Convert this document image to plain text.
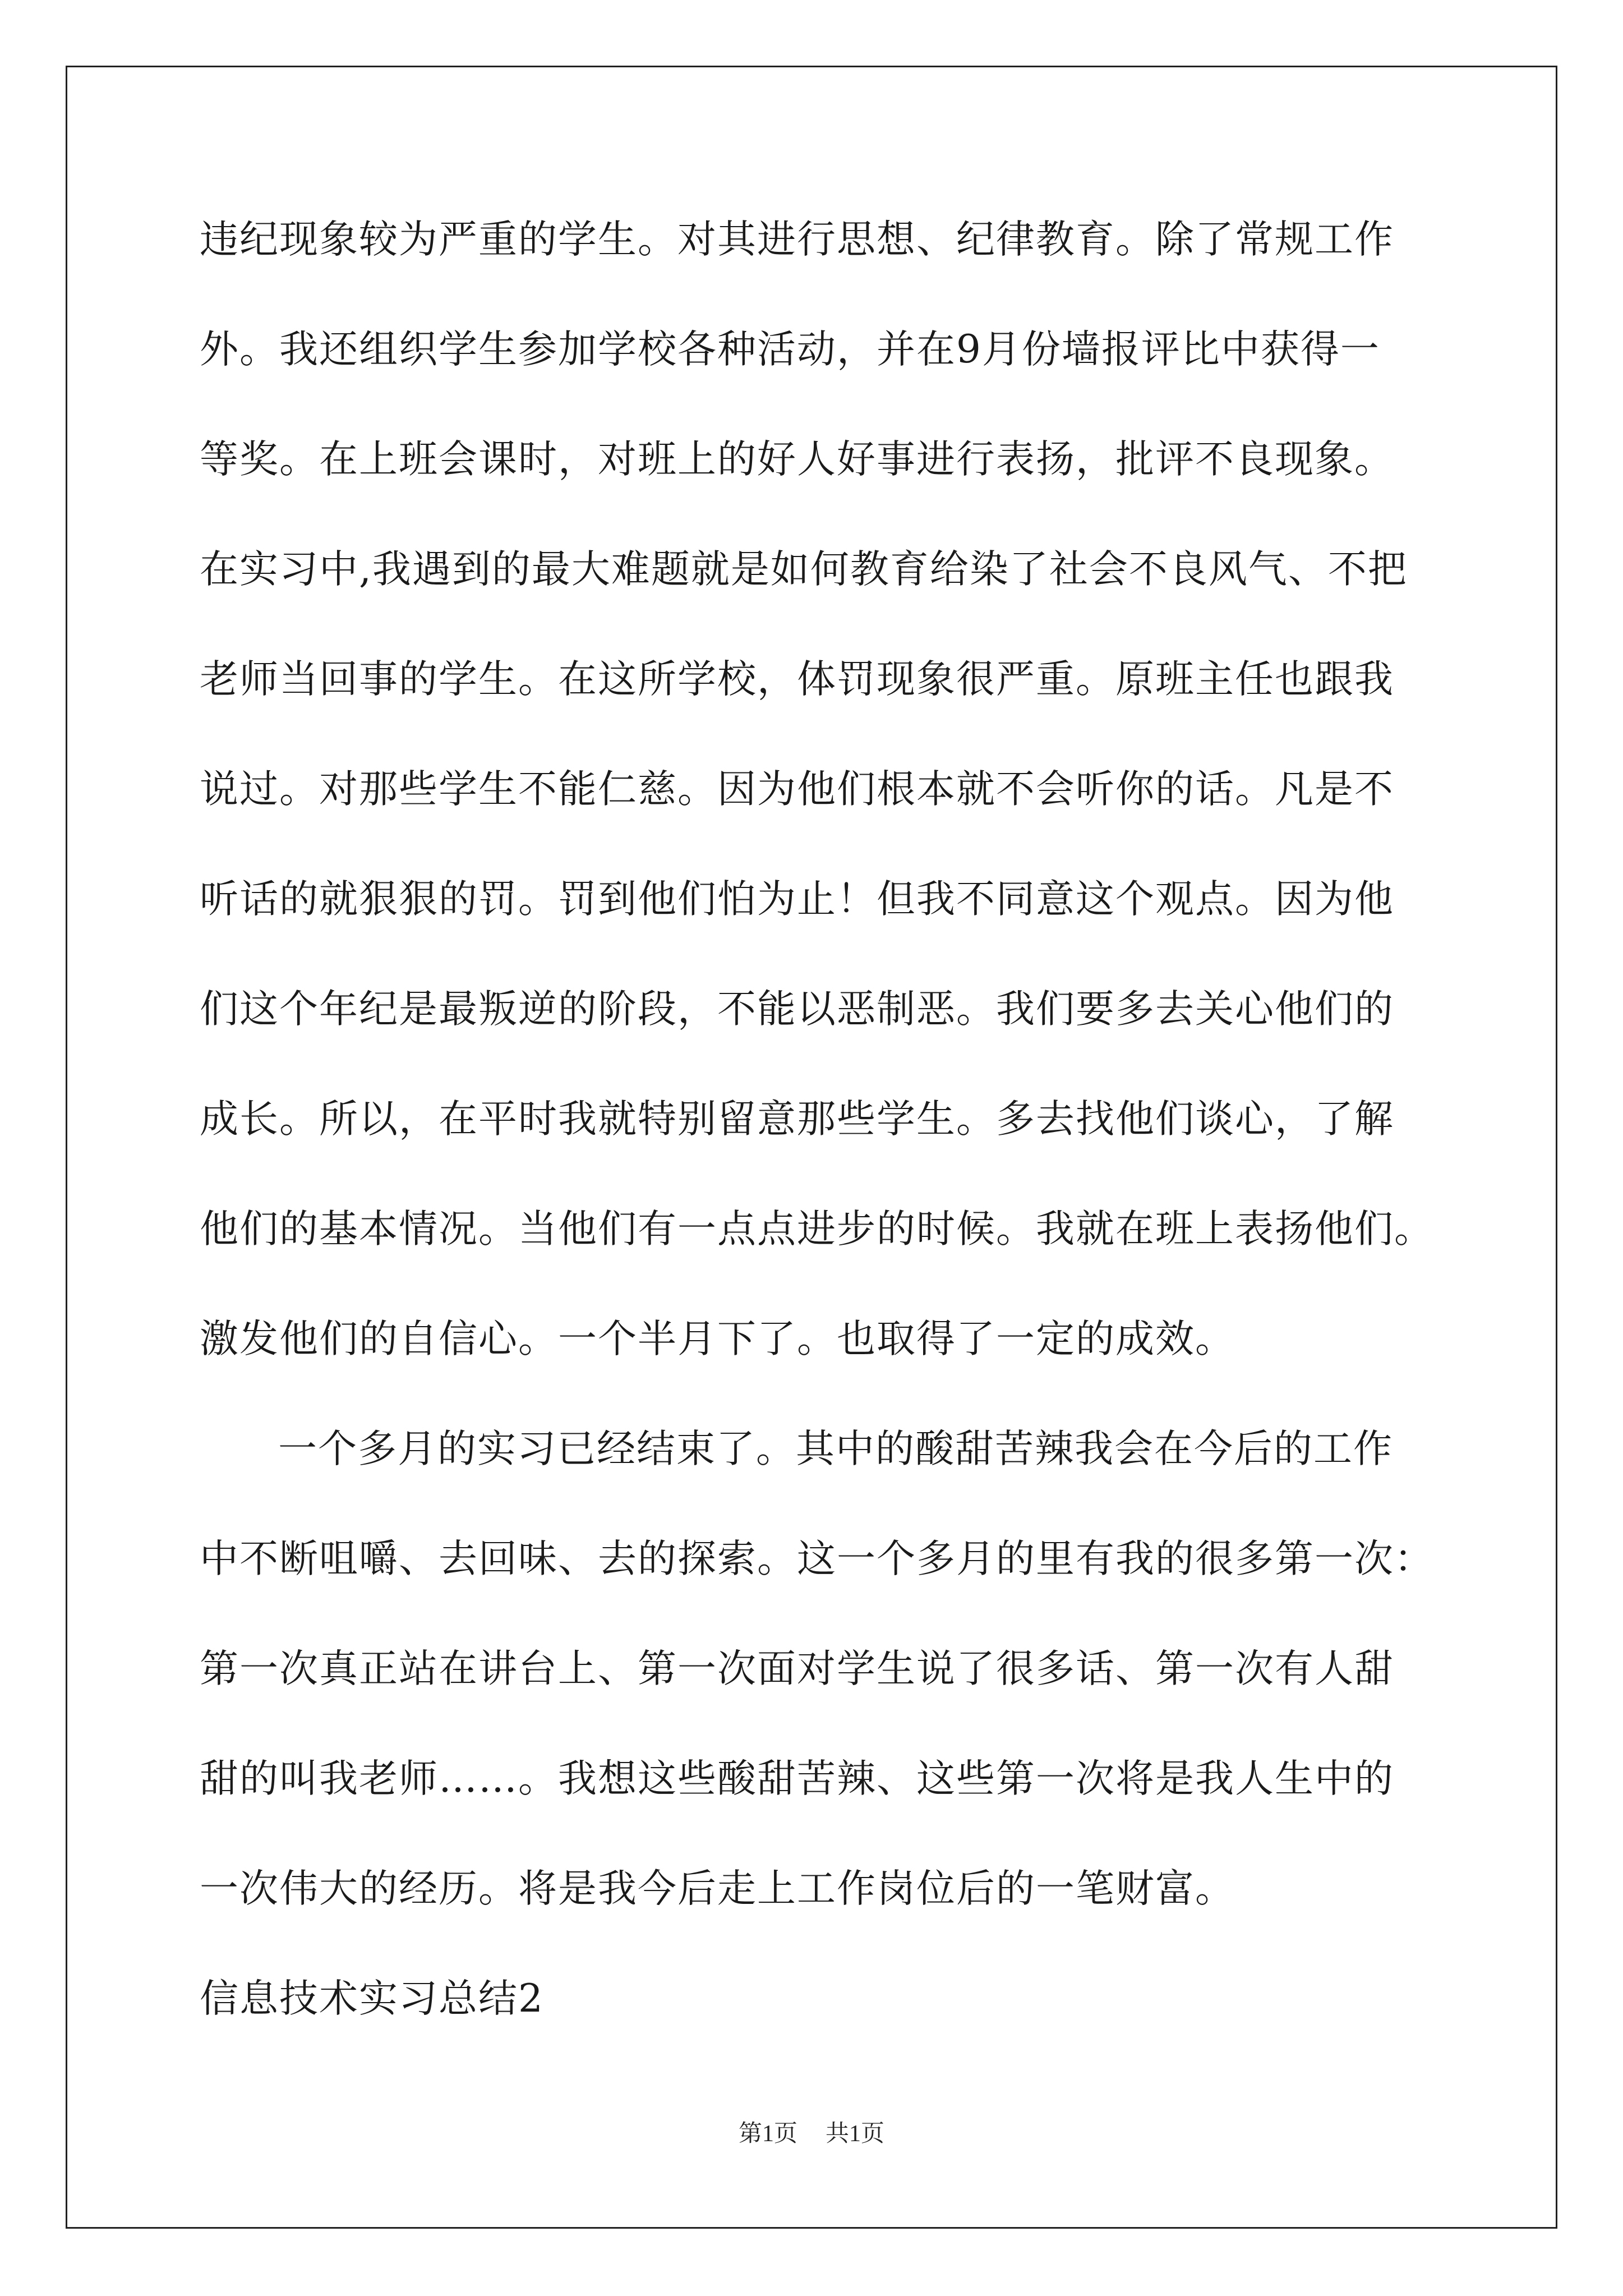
违纪现象较为严重的学生。对其进行思想、纪律教育。除了常规工作
外。我还组织学生参加学校各种活动，并在9月份墙报评比中获得一
等奖。在上班会课时，对班上的好人好事进行表扬，批评不良现象。
在实习中,我遇到的最大难题就是如何教育给染了社会不良风气、不把
老师当回事的学生。在这所学校，体罚现象很严重。原班主任也跟我
说过。对那些学生不能仁慈。因为他们根本就不会听你的话。凡是不
听话的就狠狠的罚。罚到他们怕为止！但我不同意这个观点。因为他
们这个年纪是最叛逆的阶段，不能以恶制恶。我们要多去关心他们的
成长。所以，在平时我就特别留意那些学生。多去找他们谈心，了解
他们的基本情况。当他们有一点点进步的时候。我就在班上表扬他们。
激发他们的自信心。一个半月下了。也取得了一定的成效。
一个多月的实习已经结束了。其中的酸甜苦辣我会在今后的工作
中不断咀嚼、去回味、去的探索。这一个多月的里有我的很多第一次：
第一次真正站在讲台上、第一次面对学生说了很多话、第一次有人甜
甜的叫我老师……。我想这些酸甜苦辣、这些第一次将是我人生中的
一次伟大的经历。将是我今后走上工作岗位后的一笔财富。
信息技术实习总结2
第1页 共1页
